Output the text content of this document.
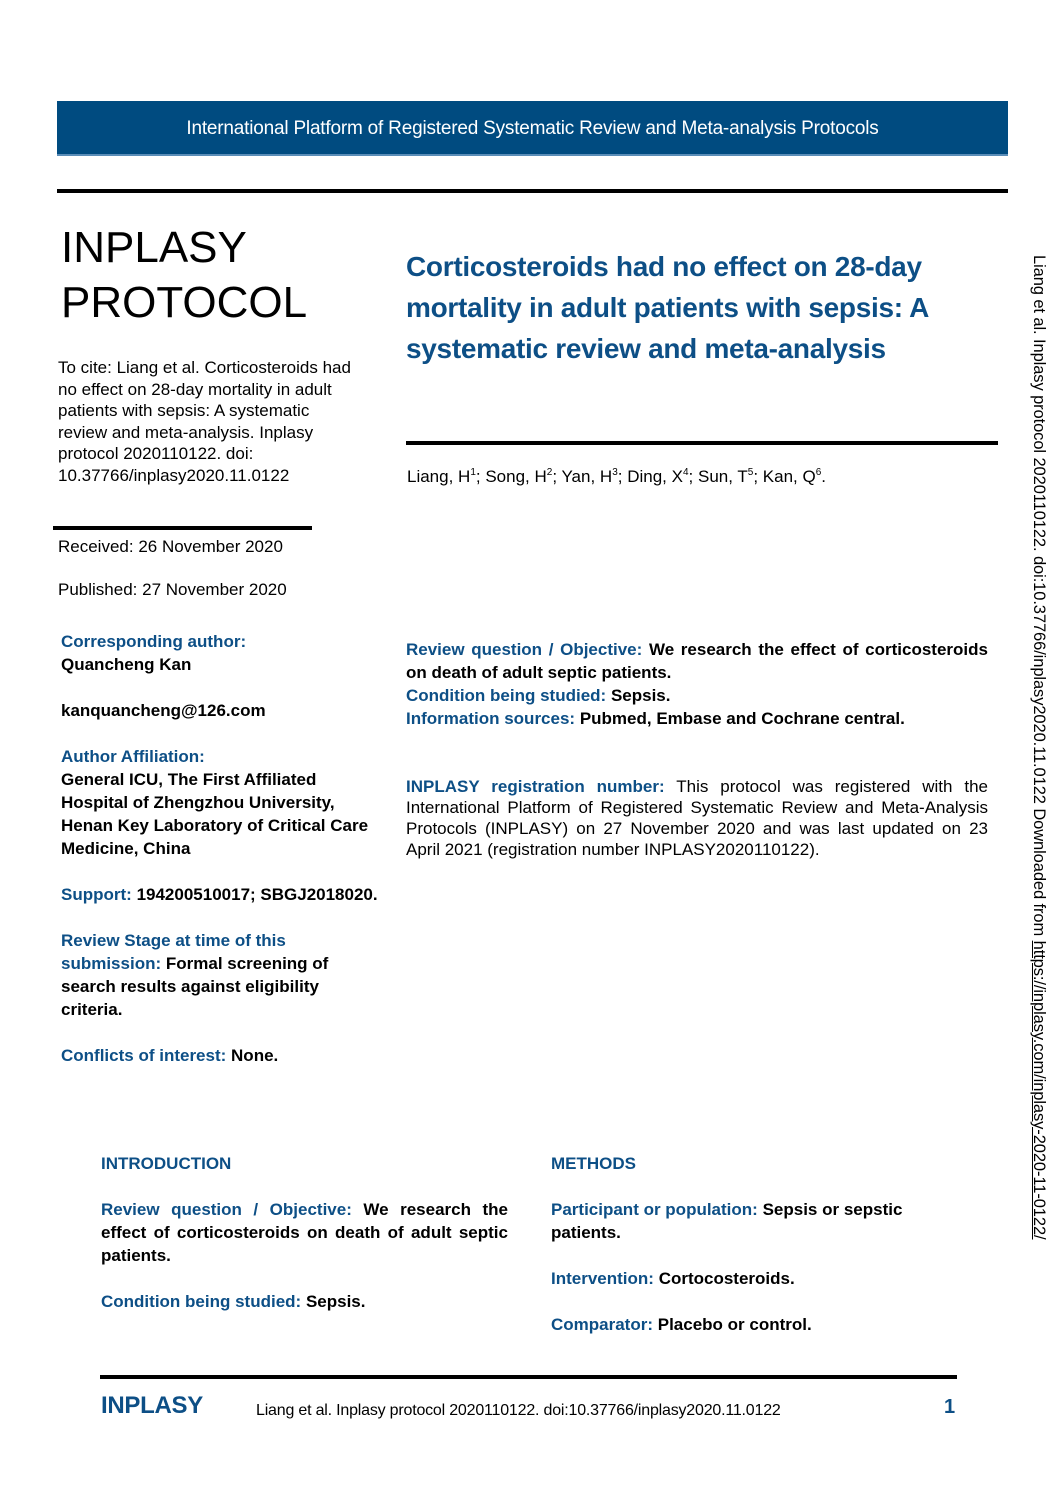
International Platform of Registered Systematic Review and Meta-analysis Protocols
INPLASY
PROTOCOL
To cite: Liang et al. Corticosteroids had no effect on 28-day mortality in adult patients with sepsis: A systematic review and meta-analysis. Inplasy protocol 2020110122. doi: 10.37766/inplasy2020.11.0122
Received: 26 November 2020
Published: 27 November 2020

Corresponding author:
Quancheng Kan

kanquancheng@126.com

Author Affiliation:
General ICU, The First Affiliated Hospital of Zhengzhou University, Henan Key Laboratory of Critical Care Medicine, China

Support: 194200510017; SBGJ2018020.

Review Stage at time of this submission: Formal screening of search results against eligibility criteria.

Conflicts of interest: None.

Corticosteroids had no effect on 28-day mortality in adult patients with sepsis: A systematic review and meta-analysis
Liang, $H^1$; Song, $H^2$; Yan, $H^3$; Ding, $X^4$; Sun, $T^5$; Kan, $Q^6$.

Review question / Objective: We research the effect of corticosteroids on death of adult septic patients.

Condition being studied: Sepsis.

Information sources: Pubmed, Embase and Cochrane central.

INPLASY registration number: This protocol was registered with the International Platform of Registered Systematic Review and Meta-Analysis Protocols (INPLASY) on 27 November 2020 and was last updated on 23 April 2021 (registration number INPLASY2020110122).

INTRODUCTION

Review question / Objective: We research the effect of corticosteroids on death of adult septic patients.

Condition being studied: Sepsis.

METHODS

Participant or population: Sepsis or sepstic patients.

Intervention: Cortocosteroids.

Comparator: Placebo or control.

INPLASY	Liang et al. Inplasy protocol 2020110122. doi:10.37766/inplasy2020.11.0122	1
Liang et al. Inplasy protocol 2020110122. doi:10.37766/inplasy2020.11.0122 Downloaded from https://inplasy.com/inplasy-2020-11-0122/
